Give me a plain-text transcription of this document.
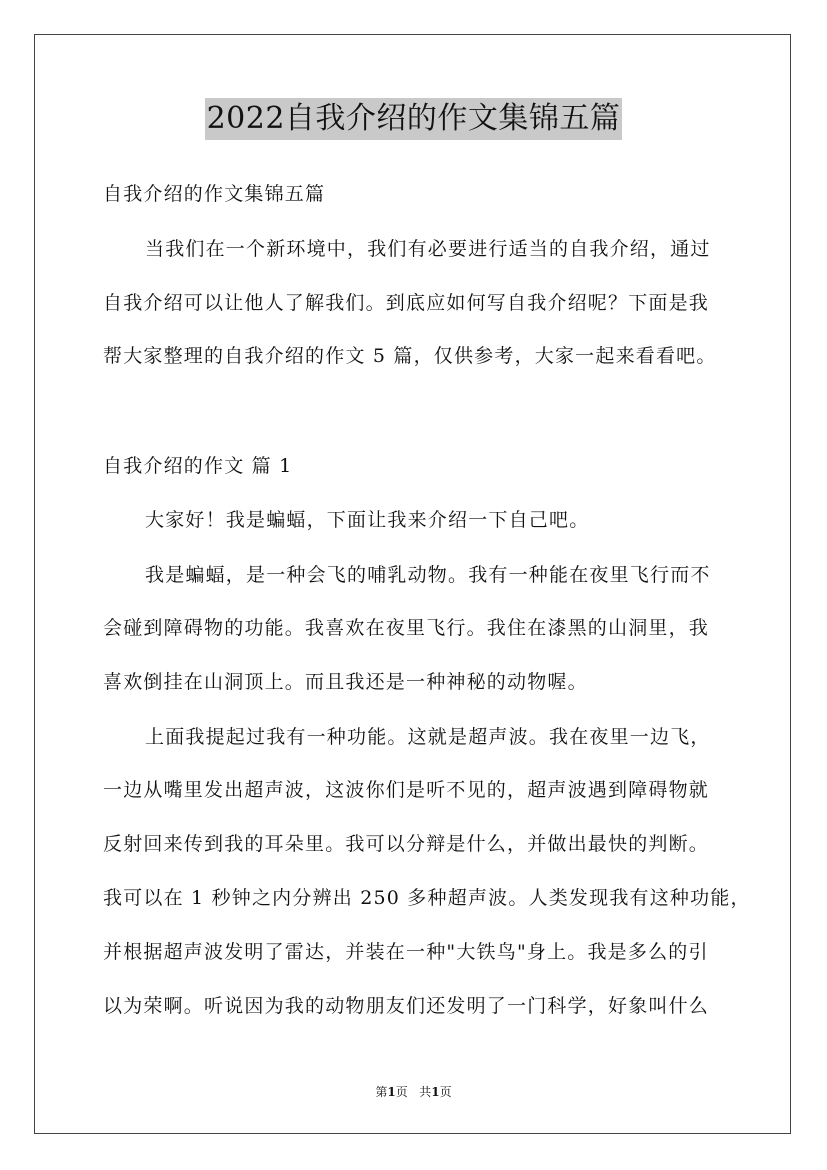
2022自我介绍的作文集锦五篇
自我介绍的作文集锦五篇
当我们在一个新环境中，我们有必要进行适当的自我介绍，通过
自我介绍可以让他人了解我们。到底应如何写自我介绍呢？下面是我
帮大家整理的自我介绍的作文 5 篇，仅供参考，大家一起来看看吧。
自我介绍的作文 篇 1
大家好！我是蝙蝠，下面让我来介绍一下自己吧。
我是蝙蝠，是一种会飞的哺乳动物。我有一种能在夜里飞行而不
会碰到障碍物的功能。我喜欢在夜里飞行。我住在漆黑的山洞里，我
喜欢倒挂在山洞顶上。而且我还是一种神秘的动物喔。
上面我提起过我有一种功能。这就是超声波。我在夜里一边飞，
一边从嘴里发出超声波，这波你们是听不见的，超声波遇到障碍物就
反射回来传到我的耳朵里。我可以分辩是什么，并做出最快的判断。
我可以在 1 秒钟之内分辨出 250 多种超声波。人类发现我有这种功能，
并根据超声波发明了雷达，并装在一种"大铁鸟"身上。我是多么的引
以为荣啊。听说因为我的动物朋友们还发明了一门科学，好象叫什么
第1页 共1页
